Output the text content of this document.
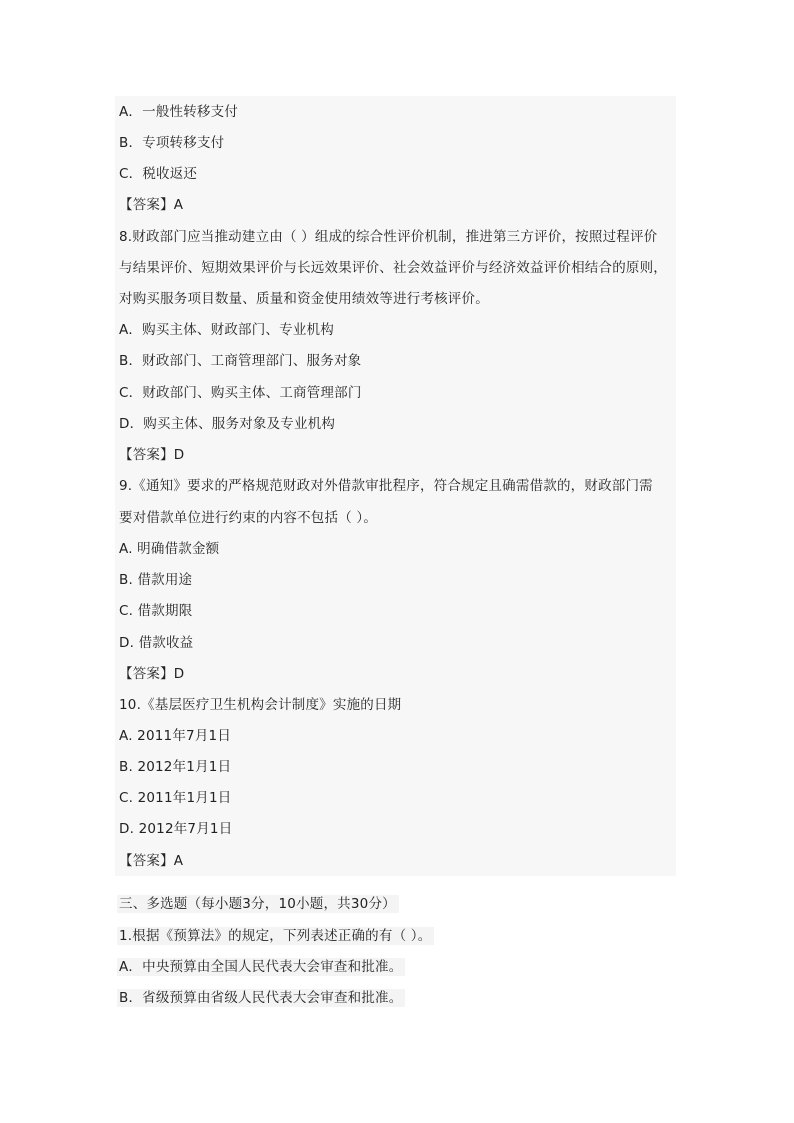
A．一般性转移支付
B．专项转移支付
C．税收返还
【答案】A
8.财政部门应当推动建立由（ ）组成的综合性评价机制，推进第三方评价，按照过程评价
与结果评价、短期效果评价与长远效果评价、社会效益评价与经济效益评价相结合的原则，
对购买服务项目数量、质量和资金使用绩效等进行考核评价。
A．购买主体、财政部门、专业机构
B．财政部门、工商管理部门、服务对象
C．财政部门、购买主体、工商管理部门
D．购买主体、服务对象及专业机构
【答案】D
9.《通知》要求的严格规范财政对外借款审批程序，符合规定且确需借款的，财政部门需
要对借款单位进行约束的内容不包括（ ）。
A. 明确借款金额
B. 借款用途
C. 借款期限
D. 借款收益
【答案】D
10.《基层医疗卫生机构会计制度》实施的日期
A. 2011年7月1日
B. 2012年1月1日
C. 2011年1月1日
D. 2012年7月1日
【答案】A
三、多选题（每小题3分，10小题，共30分）
1.根据《预算法》的规定，下列表述正确的有（ ）。
A．中央预算由全国人民代表大会审查和批准。
B．省级预算由省级人民代表大会审查和批准。
